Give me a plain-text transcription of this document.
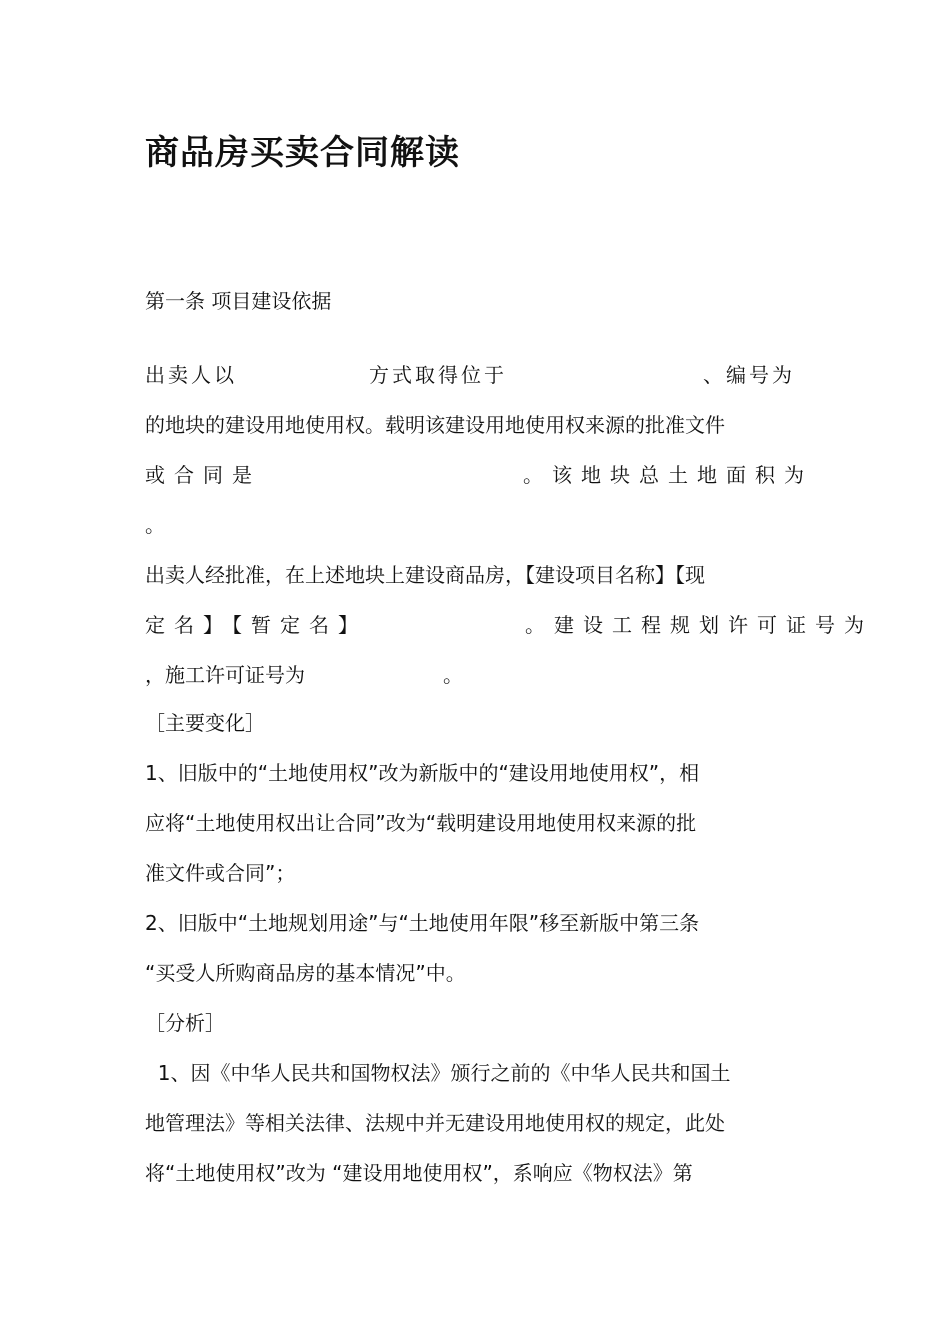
商品房买卖合同解读
第一条 项目建设依据
出卖人以	方式取得位于	、编号为
的地块的建设用地使用权。载明该建设用地使用权来源的批准文件
或合同是	。该地块总土地面积为
。
出卖人经批准，在上述地块上建设商品房，【建设项目名称】【现
定名】【暂定名】	。建设工程规划许可证号为
，施工许可证号为	。
［主要变化］
1、旧版中的“土地使用权”改为新版中的“建设用地使用权”，相
应将“土地使用权出让合同”改为“载明建设用地使用权来源的批
准文件或合同”；
2、旧版中“土地规划用途”与“土地使用年限”移至新版中第三条
“买受人所购商品房的基本情况”中。
［分析］
1、因《中华人民共和国物权法》颁行之前的《中华人民共和国土
地管理法》等相关法律、法规中并无建设用地使用权的规定，此处
将“土地使用权”改为 “建设用地使用权”，系响应《物权法》第
